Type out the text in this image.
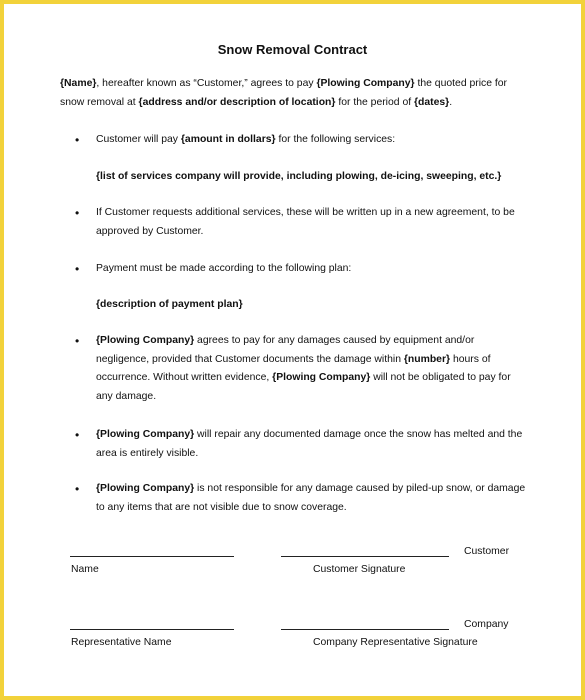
Snow Removal Contract
{Name}, hereafter known as “Customer,” agrees to pay {Plowing Company} the quoted price for snow removal at {address and/or description of location} for the period of {dates}.
• Customer will pay {amount in dollars} for the following services:
{list of services company will provide, including plowing, de-icing, sweeping, etc.}
• If Customer requests additional services, these will be written up in a new agreement, to be approved by Customer.
• Payment must be made according to the following plan:
{description of payment plan}
• {Plowing Company} agrees to pay for any damages caused by equipment and/or negligence, provided that Customer documents the damage within {number} hours of occurrence. Without written evidence, {Plowing Company} will not be obligated to pay for any damage.
• {Plowing Company} will repair any documented damage once the snow has melted and the area is entirely visible.
• {Plowing Company} is not responsible for any damage caused by piled-up snow, or damage to any items that are not visible due to snow coverage.
Customer
Name	Customer Signature
Company
Representative Name	Company Representative Signature
